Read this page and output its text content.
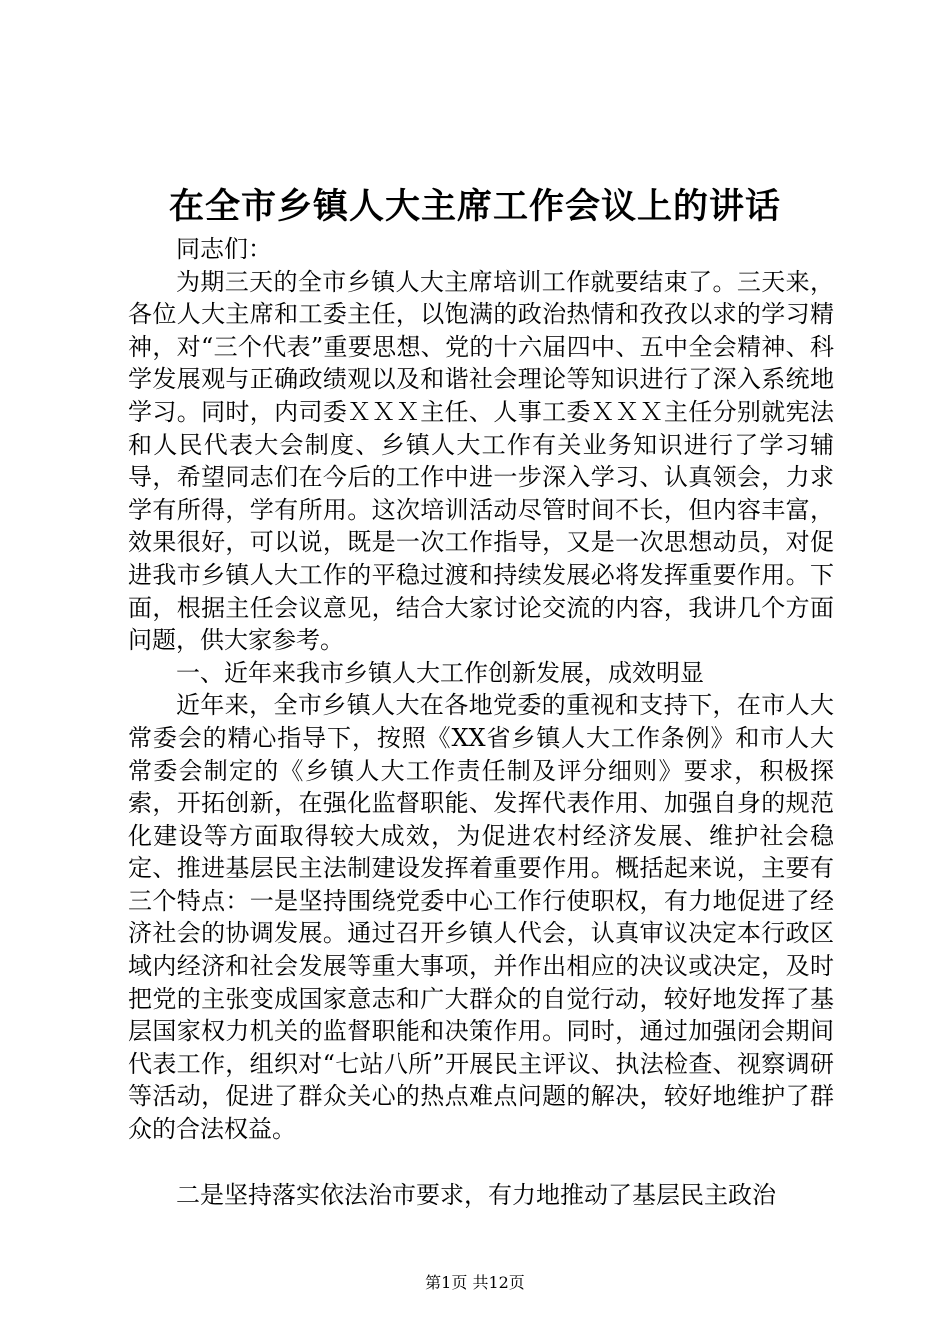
在全市乡镇人大主席工作会议上的讲话

同志们：

为期三天的全市乡镇人大主席培训工作就要结束了。三天来，各位人大主席和工委主任，以饱满的政治热情和孜孜以求的学习精神，对“三个代表”重要思想、党的十六届四中、五中全会精神、科学发展观与正确政绩观以及和谐社会理论等知识进行了深入系统地学习。同时，内司委ＸＸＸ主任、人事工委ＸＸＸ主任分别就宪法和人民代表大会制度、乡镇人大工作有关业务知识进行了学习辅导，希望同志们在今后的工作中进一步深入学习、认真领会，力求学有所得，学有所用。这次培训活动尽管时间不长，但内容丰富，效果很好，可以说，既是一次工作指导，又是一次思想动员，对促进我市乡镇人大工作的平稳过渡和持续发展必将发挥重要作用。下面，根据主任会议意见，结合大家讨论交流的内容，我讲几个方面问题，供大家参考。

一、近年来我市乡镇人大工作创新发展，成效明显

近年来，全市乡镇人大在各地党委的重视和支持下，在市人大常委会的精心指导下，按照《XX省乡镇人大工作条例》和市人大常委会制定的《乡镇人大工作责任制及评分细则》要求，积极探索，开拓创新，在强化监督职能、发挥代表作用、加强自身的规范化建设等方面取得较大成效，为促进农村经济发展、维护社会稳定、推进基层民主法制建设发挥着重要作用。概括起来说，主要有三个特点：一是坚持围绕党委中心工作行使职权，有力地促进了经济社会的协调发展。通过召开乡镇人代会，认真审议决定本行政区域内经济和社会发展等重大事项，并作出相应的决议或决定，及时把党的主张变成国家意志和广大群众的自觉行动，较好地发挥了基层国家权力机关的监督职能和决策作用。同时，通过加强闭会期间代表工作，组织对“七站八所”开展民主评议、执法检查、视察调研等活动，促进了群众关心的热点难点问题的解决，较好地维护了群众的合法权益。

二是坚持落实依法治市要求，有力地推动了基层民主政治

第1页 共12页
